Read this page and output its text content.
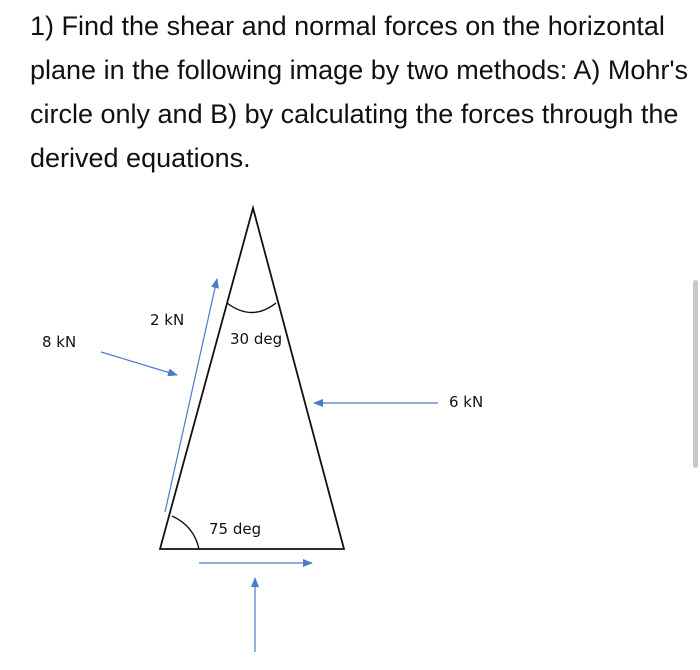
1) Find the shear and normal forces on the horizontal plane in the following image by two methods: A) Mohr's circle only and B) by calculating the forces through the derived equations.

8 kN
2 kN
30 deg
6 kN
75 deg
